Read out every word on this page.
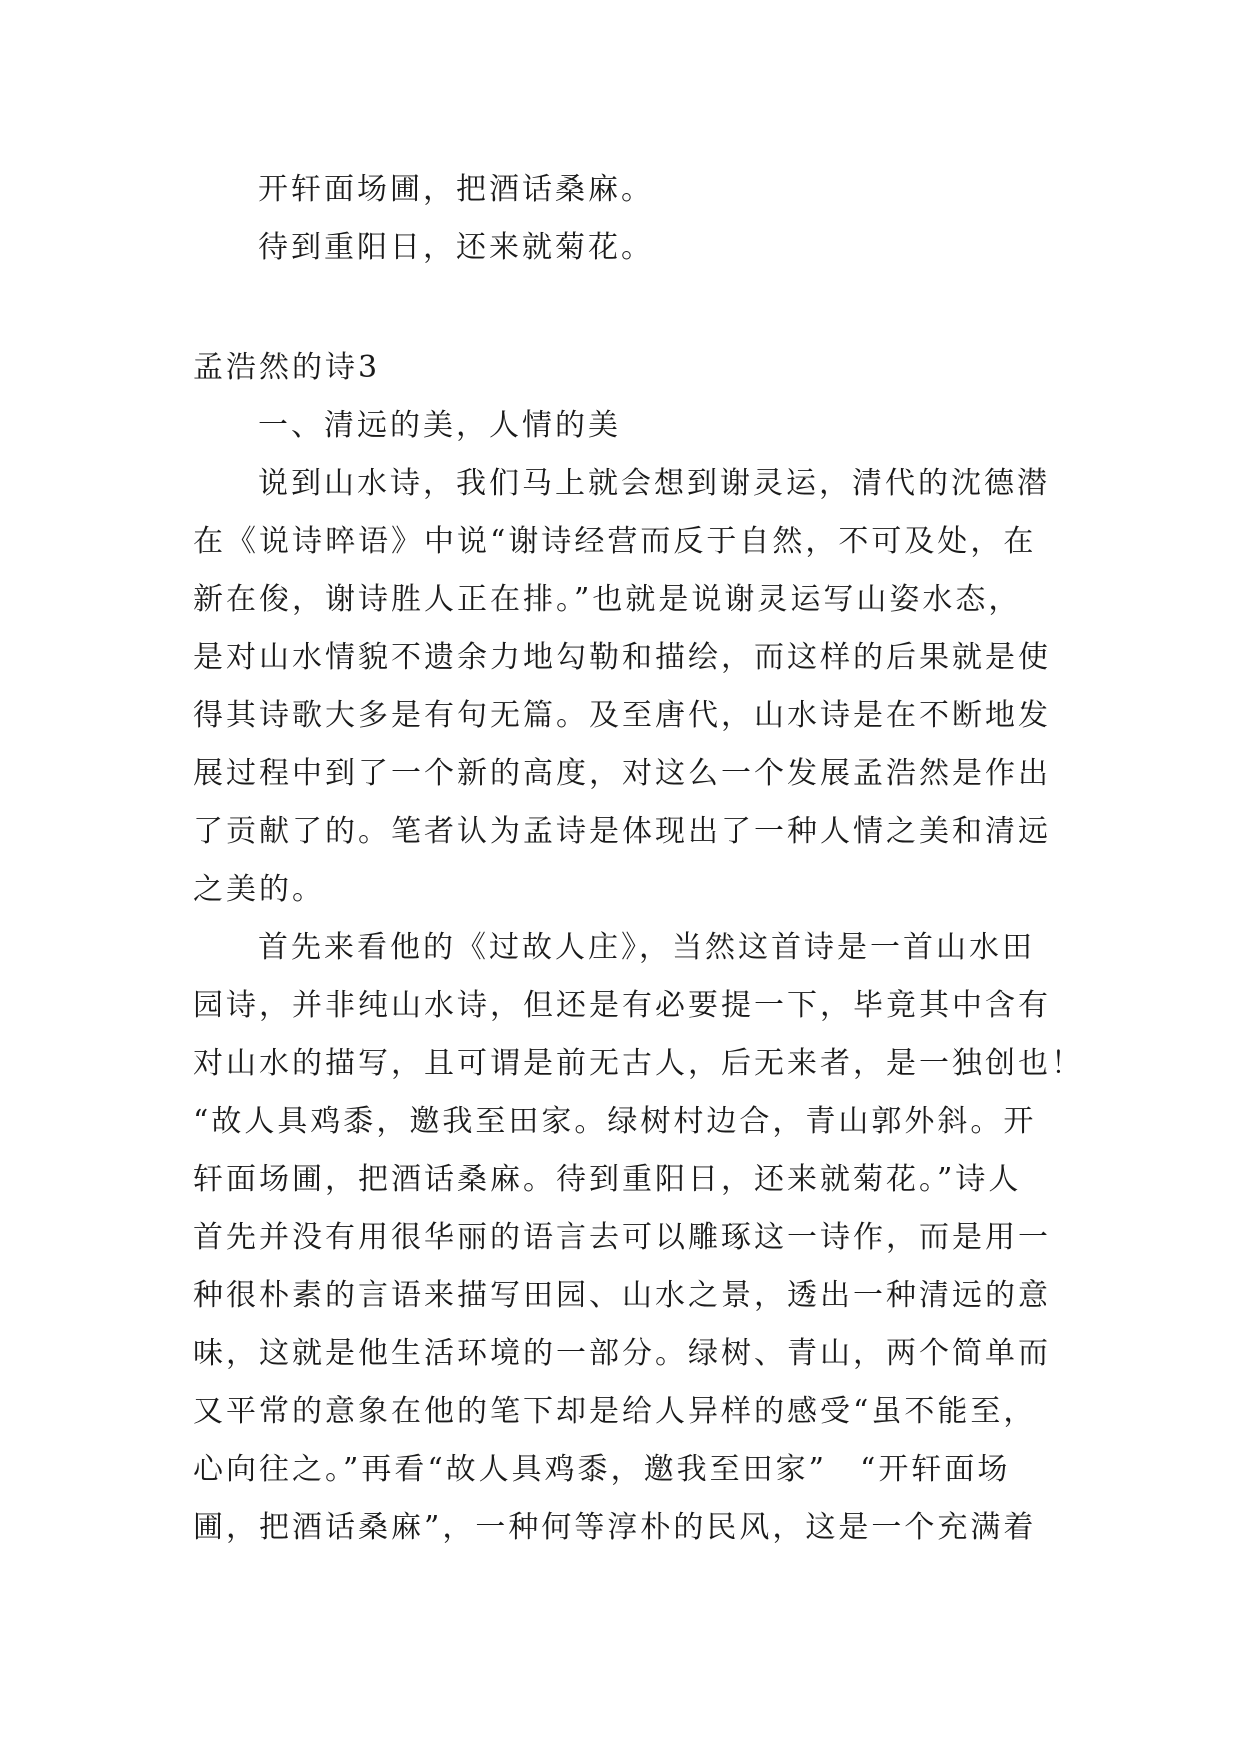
开轩面场圃，把酒话桑麻。

待到重阳日，还来就菊花。

孟浩然的诗3

一、清远的美，人情的美

说到山水诗，我们马上就会想到谢灵运，清代的沈德潜

在《说诗晬语》中说“谢诗经营而反于自然，不可及处，在

新在俊，谢诗胜人正在排。”也就是说谢灵运写山姿水态，

是对山水情貌不遗余力地勾勒和描绘，而这样的后果就是使

得其诗歌大多是有句无篇。及至唐代，山水诗是在不断地发

展过程中到了一个新的高度，对这么一个发展孟浩然是作出

了贡献了的。笔者认为孟诗是体现出了一种人情之美和清远

之美的。

首先来看他的《过故人庄》，当然这首诗是一首山水田

园诗，并非纯山水诗，但还是有必要提一下，毕竟其中含有

对山水的描写，且可谓是前无古人，后无来者，是一独创也！

“故人具鸡黍，邀我至田家。绿树村边合，青山郭外斜。开

轩面场圃，把酒话桑麻。待到重阳日，还来就菊花。”诗人

首先并没有用很华丽的语言去可以雕琢这一诗作，而是用一

种很朴素的言语来描写田园、山水之景，透出一种清远的意

味，这就是他生活环境的一部分。绿树、青山，两个简单而

又平常的意象在他的笔下却是给人异样的感受“虽不能至，

心向往之。”再看“故人具鸡黍，邀我至田家”　“开轩面场

圃，把酒话桑麻”，一种何等淳朴的民风，这是一个充满着
